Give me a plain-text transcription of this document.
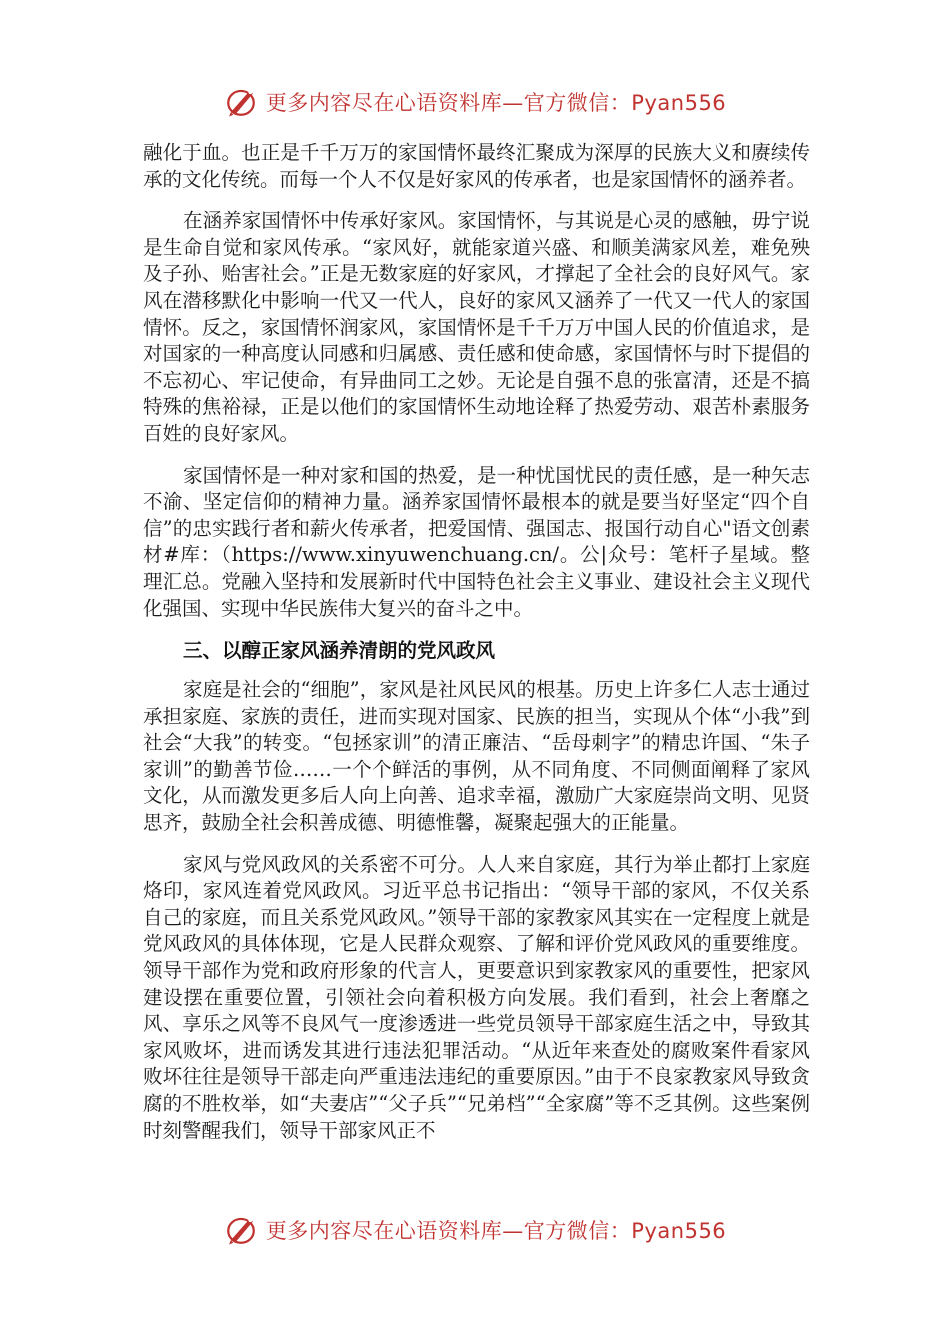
更多内容尽在心语资料库—官方微信：Pyan556

融化于血。也正是千千万万的家国情怀最终汇聚成为深厚的民族大义和赓续传承的文化传统。而每一个人不仅是好家风的传承者，也是家国情怀的涵养者。

在涵养家国情怀中传承好家风。家国情怀，与其说是心灵的感触，毋宁说是生命自觉和家风传承。“家风好，就能家道兴盛、和顺美满家风差，难免殃及子孙、贻害社会。”正是无数家庭的好家风，才撑起了全社会的良好风气。家风在潜移默化中影响一代又一代人，良好的家风又涵养了一代又一代人的家国情怀。反之，家国情怀润家风，家国情怀是千千万万中国人民的价值追求，是对国家的一种高度认同感和归属感、责任感和使命感，家国情怀与时下提倡的不忘初心、牢记使命，有异曲同工之妙。无论是自强不息的张富清，还是不搞特殊的焦裕禄，正是以他们的家国情怀生动地诠释了热爱劳动、艰苦朴素服务百姓的良好家风。

家国情怀是一种对家和国的热爱，是一种忧国忧民的责任感，是一种矢志不渝、坚定信仰的精神力量。涵养家国情怀最根本的就是要当好坚定“四个自信”的忠实践行者和薪火传承者，把爱国情、强国志、报国行动自心"语文创素材#库：（https://www.xinyuwenchuang.cn/。公|众号：笔杆子星域。整理汇总。党融入坚持和发展新时代中国特色社会主义事业、建设社会主义现代化强国、实现中华民族伟大复兴的奋斗之中。

三、以醇正家风涵养清朗的党风政风

家庭是社会的“细胞”，家风是社风民风的根基。历史上许多仁人志士通过承担家庭、家族的责任，进而实现对国家、民族的担当，实现从个体“小我”到社会“大我”的转变。“包拯家训”的清正廉洁、“岳母刺字”的精忠许国、“朱子家训”的勤善节俭……一个个鲜活的事例，从不同角度、不同侧面阐释了家风文化，从而激发更多后人向上向善、追求幸福，激励广大家庭崇尚文明、见贤思齐，鼓励全社会积善成德、明德惟馨，凝聚起强大的正能量。

家风与党风政风的关系密不可分。人人来自家庭，其行为举止都打上家庭烙印，家风连着党风政风。习近平总书记指出：“领导干部的家风，不仅关系自己的家庭，而且关系党风政风。”领导干部的家教家风其实在一定程度上就是党风政风的具体体现，它是人民群众观察、了解和评价党风政风的重要维度。领导干部作为党和政府形象的代言人，更要意识到家教家风的重要性，把家风建设摆在重要位置，引领社会向着积极方向发展。我们看到，社会上奢靡之风、享乐之风等不良风气一度渗透进一些党员领导干部家庭生活之中，导致其家风败坏，进而诱发其进行违法犯罪活动。“从近年来查处的腐败案件看家风败坏往往是领导干部走向严重违法违纪的重要原因。”由于不良家教家风导致贪腐的不胜枚举，如“夫妻店”“父子兵”“兄弟档”“全家腐”等不乏其例。这些案例时刻警醒我们，领导干部家风正不

更多内容尽在心语资料库—官方微信：Pyan556
